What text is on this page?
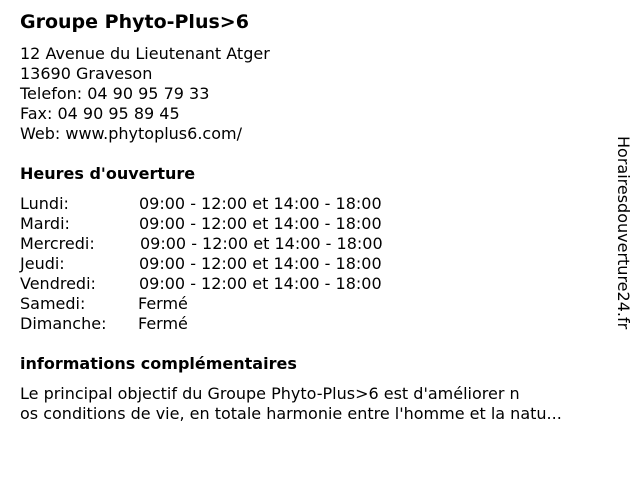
Groupe Phyto-Plus>6
12 Avenue du Lieutenant Atger
13690 Graveson
Telefon: 04 90 95 79 33
Fax: 04 90 95 89 45
Web: www.phytoplus6.com/
Heures d'ouverture
Lundi:	09:00 - 12:00 et 14:00 - 18:00
Mardi:	09:00 - 12:00 et 14:00 - 18:00
Mercredi:	09:00 - 12:00 et 14:00 - 18:00
Jeudi:	09:00 - 12:00 et 14:00 - 18:00
Vendredi:	09:00 - 12:00 et 14:00 - 18:00
Samedi:	Fermé
Dimanche: Fermé
informations complémentaires
Le principal objectif du Groupe Phyto-Plus>6 est d'améliorer n
os conditions de vie, en totale harmonie entre l'homme et la natu...
Horairesdouverture24.fr
